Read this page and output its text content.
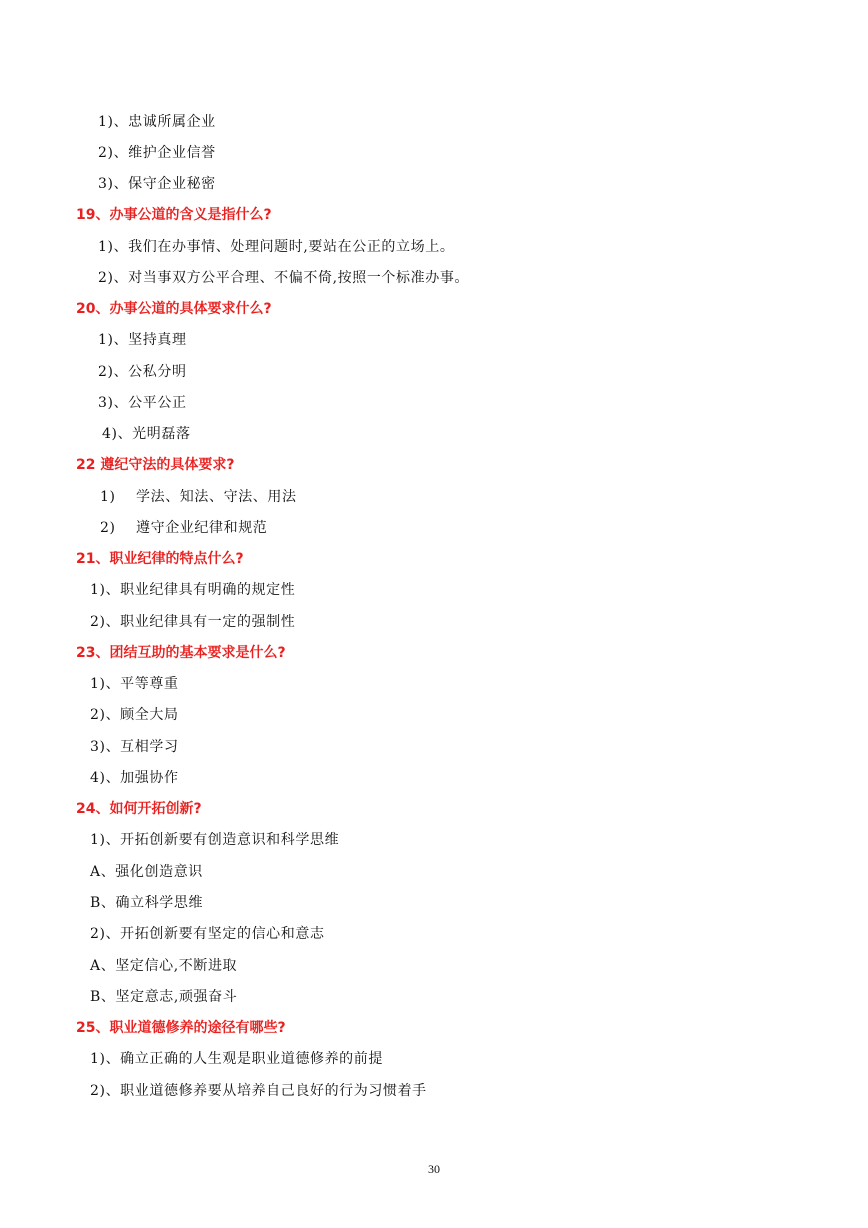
1)、忠诚所属企业
2)、维护企业信誉
3)、保守企业秘密
19、办事公道的含义是指什么?
1)、我们在办事情、处理问题时,要站在公正的立场上。
2)、对当事双方公平合理、不偏不倚,按照一个标准办事。
20、办事公道的具体要求什么?
1)、坚持真理
2)、公私分明
3)、公平公正
4)、光明磊落
22 遵纪守法的具体要求?
1) 学法、知法、守法、用法
2) 遵守企业纪律和规范
21、职业纪律的特点什么?
1)、职业纪律具有明确的规定性
2)、职业纪律具有一定的强制性
23、团结互助的基本要求是什么?
1)、平等尊重
2)、顾全大局
3)、互相学习
4)、加强协作
24、如何开拓创新?
1)、开拓创新要有创造意识和科学思维
A、强化创造意识
B、确立科学思维
2)、开拓创新要有坚定的信心和意志
A、坚定信心,不断进取
B、坚定意志,顽强奋斗
25、职业道德修养的途径有哪些?
1)、确立正确的人生观是职业道德修养的前提
2)、职业道德修养要从培养自己良好的行为习惯着手
30
